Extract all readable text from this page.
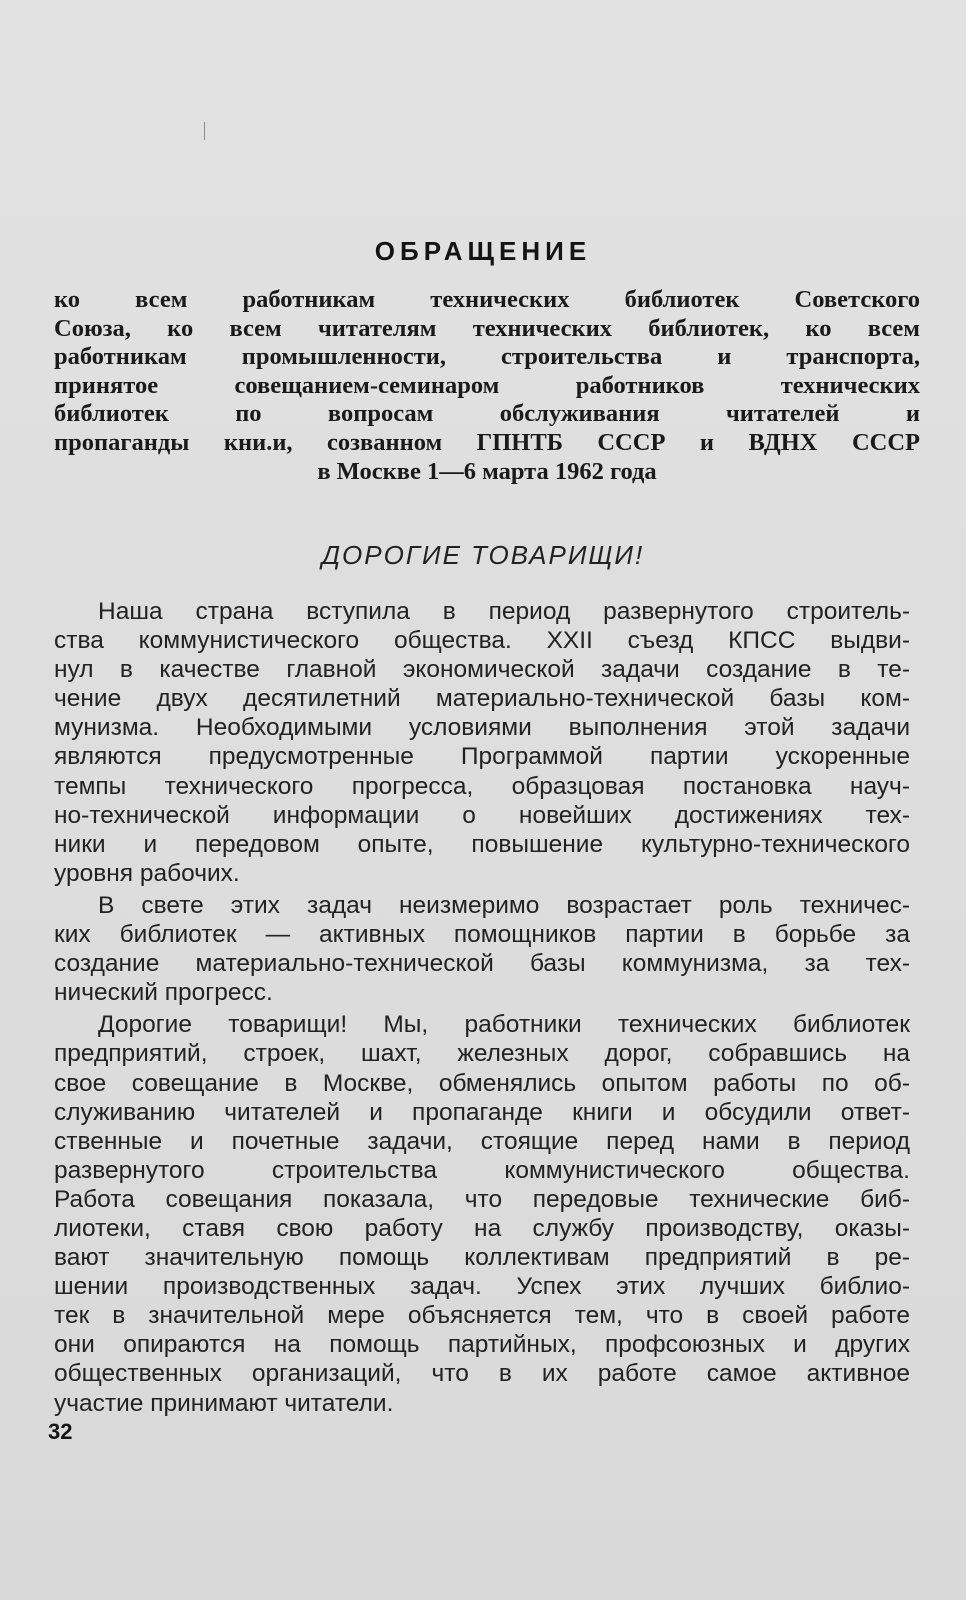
ОБРАЩЕНИЕ
ко всем работникам технических библиотек Советского
Союза, ко всем читателям технических библиотек, ко всем
работникам промышленности, строительства и транспорта,
принятое совещанием-семинаром работников технических
библиотек по вопросам обслуживания читателей и
пропаганды кни.и, созванном ГПНТБ СССР и ВДНХ СССР
в Москве 1—6 марта 1962 года
ДОРОГИЕ ТОВАРИЩИ!
Наша страна вступила в период развернутого строитель-
ства коммунистического общества. XXII съезд КПСС выдви-
нул в качестве главной экономической задачи создание в те-
чение двух десятилетний материально-технической базы ком-
мунизма. Необходимыми условиями выполнения этой задачи
являются предусмотренные Программой партии ускоренные
темпы технического прогресса, образцовая постановка науч-
но-технической информации о новейших достижениях тех-
ники и передовом опыте, повышение культурно-технического
уровня рабочих.
В свете этих задач неизмеримо возрастает роль техничес-
ких библиотек — активных помощников партии в борьбе за
создание материально-технической базы коммунизма, за тех-
нический прогресс.
Дорогие товарищи! Мы, работники технических библиотек
предприятий, строек, шахт, железных дорог, собравшись на
свое совещание в Москве, обменялись опытом работы по об-
служиванию читателей и пропаганде книги и обсудили ответ-
ственные и почетные задачи, стоящие перед нами в период
развернутого строительства коммунистического общества.
Работа совещания показала, что передовые технические биб-
лиотеки, ставя свою работу на службу производству, оказы-
вают значительную помощь коллективам предприятий в ре-
шении производственных задач. Успех этих лучших библио-
тек в значительной мере объясняется тем, что в своей работе
они опираются на помощь партийных, профсоюзных и других
общественных организаций, что в их работе самое активное
участие принимают читатели.
32
